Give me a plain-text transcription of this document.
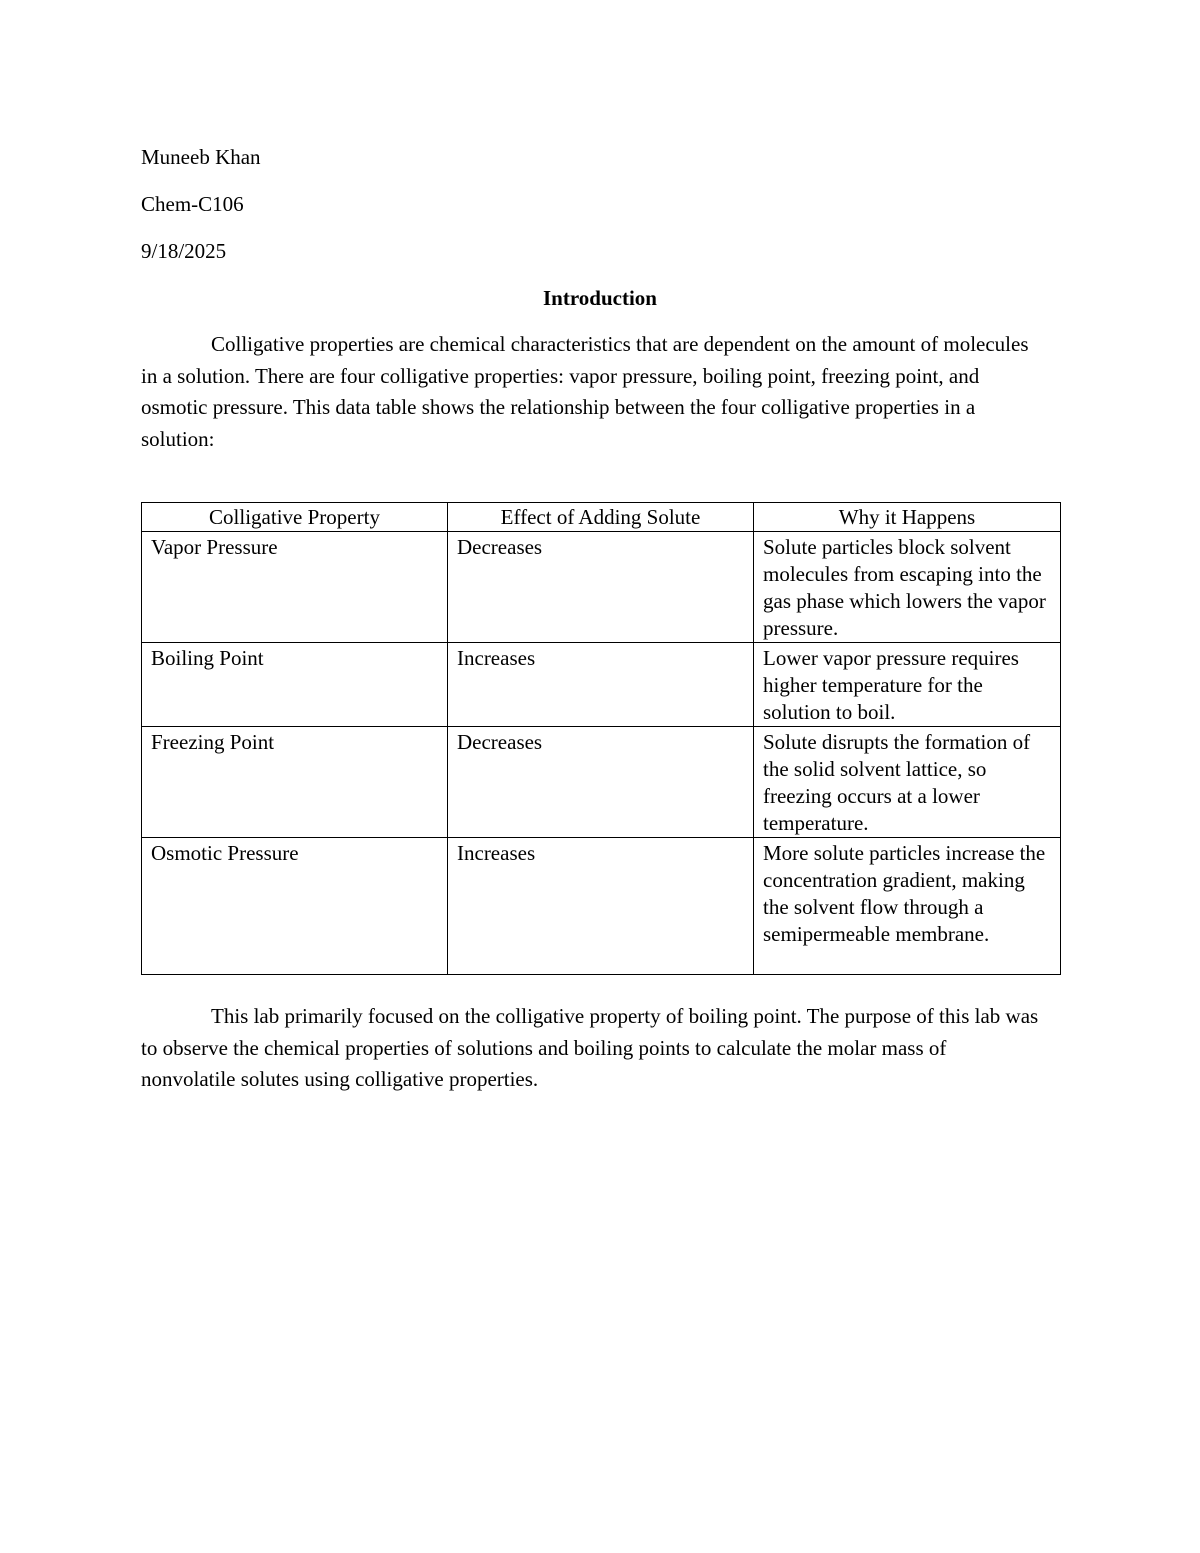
Muneeb Khan
Chem-C106
9/18/2025
Introduction

Colligative properties are chemical characteristics that are dependent on the amount of molecules in a solution. There are four colligative properties: vapor pressure, boiling point, freezing point, and osmotic pressure. This data table shows the relationship between the four colligative properties in a solution:

Colligative Property	Effect of Adding Solute	Why it Happens
Vapor Pressure	Decreases	Solute particles block solvent molecules from escaping into the gas phase which lowers the vapor pressure.
Boiling Point	Increases	Lower vapor pressure requires higher temperature for the solution to boil.
Freezing Point	Decreases	Solute disrupts the formation of the solid solvent lattice, so freezing occurs at a lower temperature.
Osmotic Pressure	Increases	More solute particles increase the concentration gradient, making the solvent flow through a semipermeable membrane.

This lab primarily focused on the colligative property of boiling point. The purpose of this lab was to observe the chemical properties of solutions and boiling points to calculate the molar mass of nonvolatile solutes using colligative properties.
